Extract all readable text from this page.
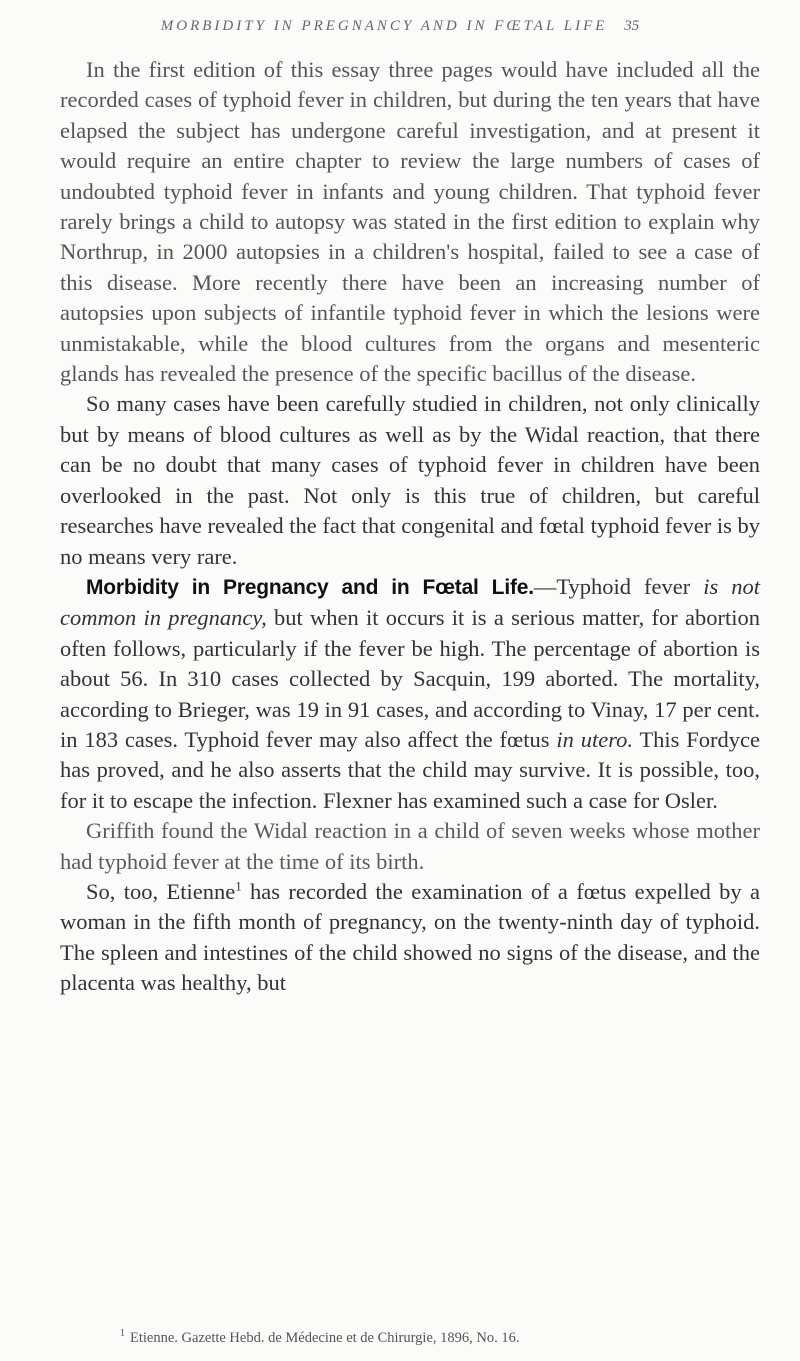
MORBIDITY IN PREGNANCY AND IN FŒTAL LIFE 35

In the first edition of this essay three pages would have included all the recorded cases of typhoid fever in children, but during the ten years that have elapsed the subject has undergone careful investigation, and at present it would require an entire chapter to review the large numbers of cases of undoubted typhoid fever in infants and young children. That typhoid fever rarely brings a child to autopsy was stated in the first edition to explain why Northrup, in 2000 autopsies in a children's hospital, failed to see a case of this disease. More recently there have been an increasing number of autopsies upon subjects of infantile typhoid fever in which the lesions were unmistakable, while the blood cultures from the organs and mesenteric glands has revealed the presence of the specific bacillus of the disease.

So many cases have been carefully studied in children, not only clinically but by means of blood cultures as well as by the Widal reaction, that there can be no doubt that many cases of typhoid fever in children have been overlooked in the past. Not only is this true of children, but careful researches have revealed the fact that congenital and fœtal typhoid fever is by no means very rare.

Morbidity in Pregnancy and in Fœtal Life.—Typhoid fever is not common in pregnancy, but when it occurs it is a serious matter, for abortion often follows, particularly if the fever be high. The percentage of abortion is about 56. In 310 cases collected by Sacquin, 199 aborted. The mortality, according to Brieger, was 19 in 91 cases, and according to Vinay, 17 per cent. in 183 cases. Typhoid fever may also affect the fœtus in utero. This Fordyce has proved, and he also asserts that the child may survive. It is possible, too, for it to escape the infection. Flexner has examined such a case for Osler.

Griffith found the Widal reaction in a child of seven weeks whose mother had typhoid fever at the time of its birth.

So, too, Etienne$^1$ has recorded the examination of a fœtus expelled by a woman in the fifth month of pregnancy, on the twenty-ninth day of typhoid. The spleen and intestines of the child showed no signs of the disease, and the placenta was healthy, but

$^1$ Etienne. Gazette Hebd. de Médecine et de Chirurgie, 1896, No. 16.
